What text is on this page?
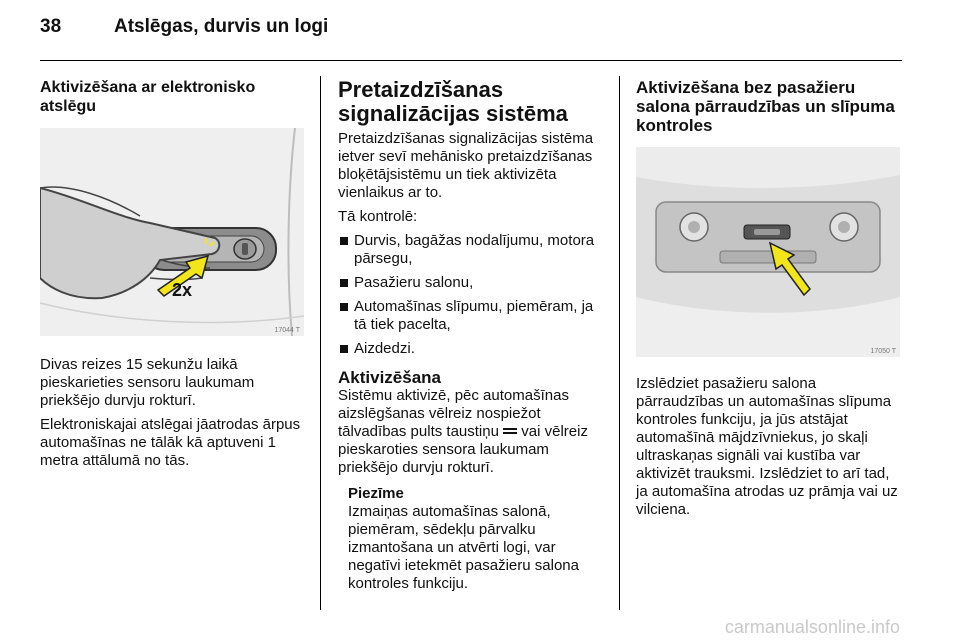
38	Atslēgas, durvis un logi
Aktivizēšana ar elektronisko atslēgu
2x
17044 T

Divas reizes 15 sekunžu laikā pieskarieties sensoru laukumam priekšējo durvju rokturī.

Elektroniskajai atslēgai jāatrodas ārpus automašīnas ne tālāk kā aptuveni 1 metra attālumā no tās.

Pretaizdzīšanas signalizācijas sistēma

Pretaizdzīšanas signalizācijas sistēma ietver sevī mehānisko pretaizdzīšanas bloķētājsistēmu un tiek aktivizēta vienlaikus ar to.

Tā kontrolē:

Durvis, bagāžas nodalījumu, motora pārsegu,
Pasažieru salonu,
Automašīnas slīpumu, piemēram, ja tā tiek pacelta,
Aizdedzi.
Aktivizēšana

Sistēmu aktivizē, pēc automašīnas aizslēgšanas vēlreiz nospiežot tālvadības pults taustiņu vai vēlreiz pieskaroties sensora laukumam priekšējo durvju rokturī.

Piezīme

Izmaiņas automašīnas salonā, piemēram, sēdekļu pārvalku izmantošana un atvērti logi, var negatīvi ietekmēt pasažieru salona kontroles funkciju.

Aktivizēšana bez pasažieru salona pārraudzības un slīpuma kontroles
17050 T

Izslēdziet pasažieru salona pārraudzības un automašīnas slīpuma kontroles funkciju, ja jūs atstājat automašīnā mājdzīvniekus, jo skaļi ultraskaņas signāli vai kustība var aktivizēt trauksmi. Izslēdziet to arī tad, ja automašīna atrodas uz prāmja vai uz vilciena.

carmanualsonline.info
